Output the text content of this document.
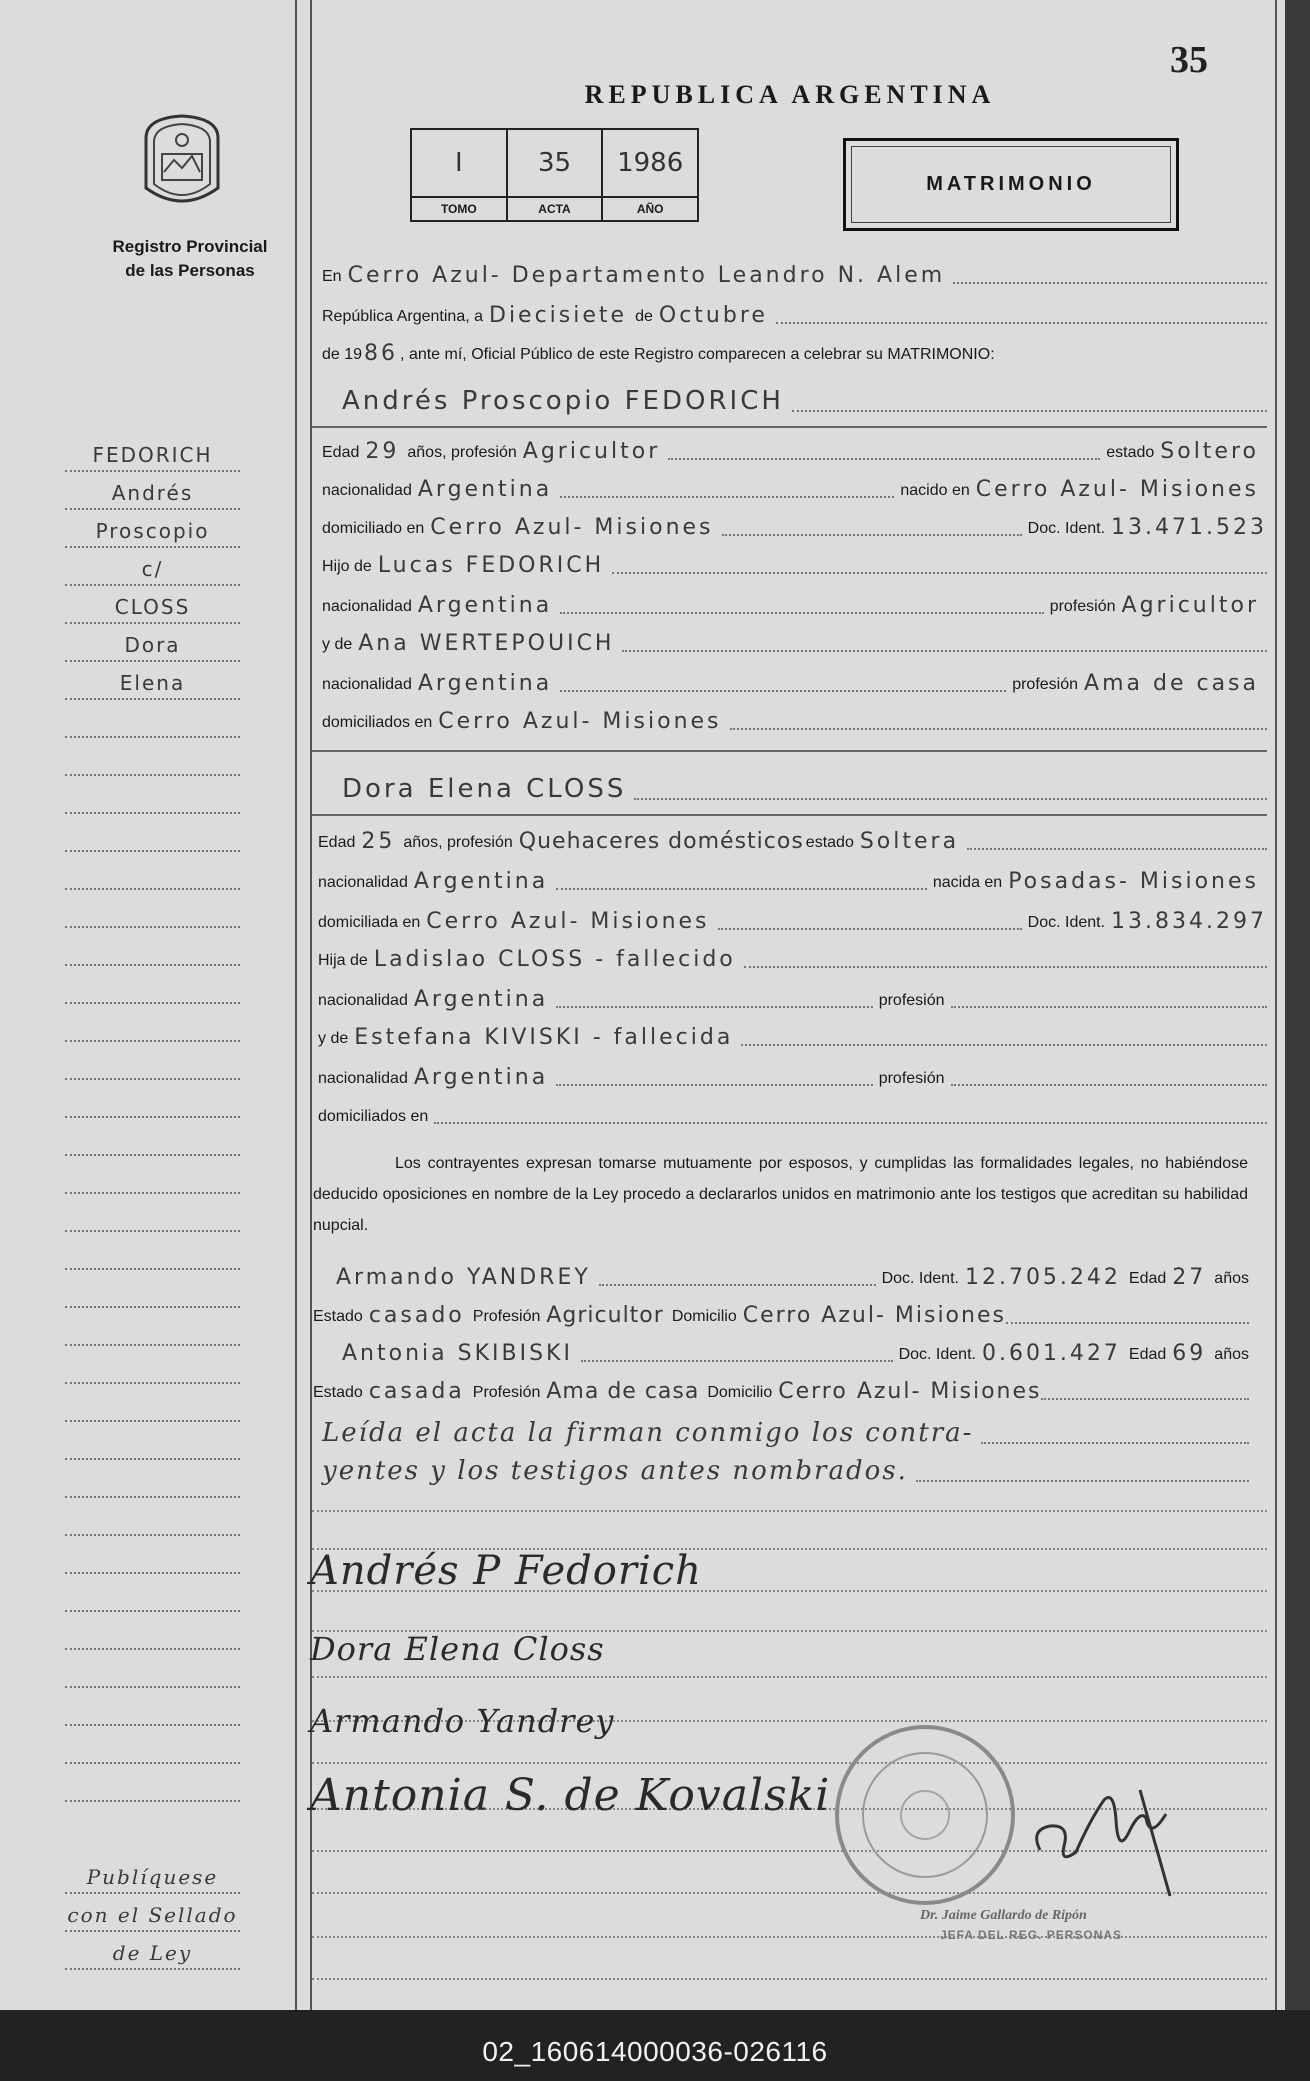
35
REPUBLICA ARGENTINA
Registro Provincial
de las Personas
I
TOMO
35
ACTA
1986
AÑO
MATRIMONIO
En Cerro Azul- Departamento Leandro N. Alem
República Argentina, a Diecisiete de Octubre
de 19 86 , ante mí, Oficial Público de este Registro comparecen a celebrar su MATRIMONIO:
Andrés Proscopio FEDORICH
Edad 29 años, profesión Agricultor	estado Soltero
nacionalidad Argentina	nacido en Cerro Azul- Misiones
domiciliado en Cerro Azul- Misiones	Doc. Ident. 13.471.523
Hijo de Lucas FEDORICH
nacionalidad Argentina	profesión Agricultor
y de Ana WERTEPOUICH
nacionalidad Argentina	profesión Ama de casa
domiciliados en Cerro Azul- Misiones
Dora Elena CLOSS
Edad 25 años, profesión Quehaceres domésticos estado Soltera
nacionalidad Argentina	nacida en Posadas- Misiones
domiciliada en Cerro Azul- Misiones	Doc. Ident. 13.834.297
Hija de Ladislao CLOSS - fallecido
nacionalidad Argentina	profesión
y de Estefana KIVISKI - fallecida
nacionalidad Argentina	profesión
domiciliados en
Los contrayentes expresan tomarse mutuamente por esposos, y cumplidas las formalidades legales, no habiéndose deducido oposiciones en nombre de la Ley procedo a declararlos unidos en matrimonio ante los testigos que acreditan su habilidad nupcial.
Armando YANDREY	Doc. Ident. 12.705.242 Edad 27 años
Estado casado Profesión Agricultor Domicilio Cerro Azul- Misiones
Antonia SKIBISKI	Doc. Ident. 0.601.427 Edad 69 años
Estado casada Profesión Ama de casa Domicilio Cerro Azul- Misiones
Leída el acta la firman conmigo los contra-
yentes y los testigos antes nombrados.
Andrés P Fedorich
Dora Elena Closs
Armando Yandrey
Antonia S. de Kovalski
Dr. Jaime Gallardo de Ripón
JEFA DEL REG. PERSONAS
FEDORICH
Andrés
Proscopio
c/
CLOSS
Dora
Elena
Publíquese
con el Sellado
de Ley
02_160614000036-026116
